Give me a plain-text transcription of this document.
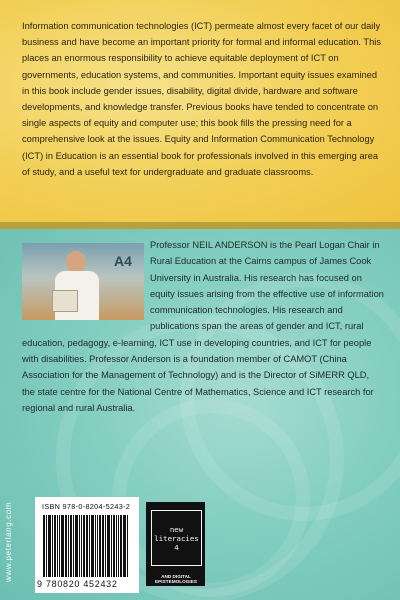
Information communication technologies (ICT) permeate almost every facet of our daily business and have become an important priority for formal and informal education. This places an enormous responsibility to achieve equitable deployment of ICT on governments, education systems, and communities. Important equity issues examined in this book include gender issues, disability, digital divide, hardware and software developments, and knowledge transfer. Previous books have tended to concentrate on single aspects of equity and computer use; this book fills the pressing need for a comprehensive look at the issues. Equity and Information Communication Technology (ICT) in Education is an essential book for professionals involved in this emerging area of study, and a useful text for undergraduate and graduate classrooms.
A4
Professor NEIL ANDERSON is the Pearl Logan Chair in Rural Education at the Cairns campus of James Cook University in Australia. His research has focused on equity issues arising from the effective use of information communication technologies. His research and publications span the areas of gender and ICT, rural education, pedagogy, e-learning, ICT use in developing countries, and ICT for people with disabilities. Professor Anderson is a foundation member of CAMOT (China Association for the Management of Technology) and is the Director of SiMERR QLD, the state centre for the National Centre of Mathematics, Science and ICT research for regional and rural Australia.
www.peterlang.com	ISBN 978-0-8204-5243-2
9 780820 452432
new
literacies
4
AND DIGITAL EPISTEMOLOGIES
